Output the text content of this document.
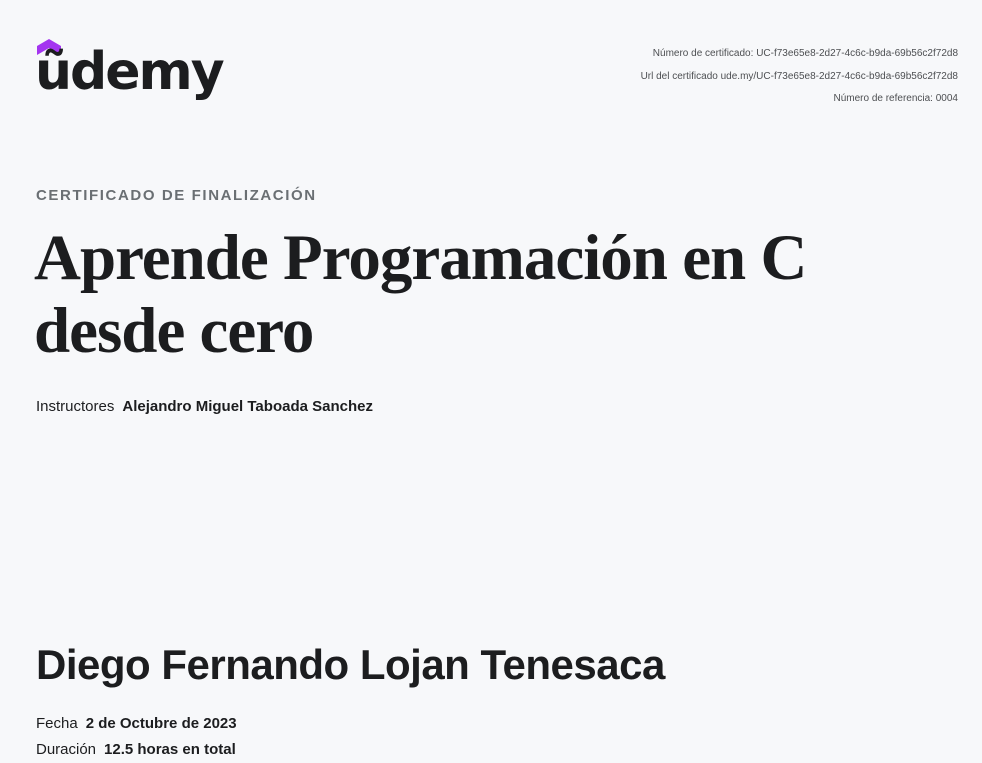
ũdemy	Número de certificado: UC-f73e65e8-2d27-4c6c-b9da-69b56c2f72d8
Url del certificado ude.my/UC-f73e65e8-2d27-4c6c-b9da-69b56c2f72d8
Número de referencia: 0004
CERTIFICADO DE FINALIZACIÓN
Aprende Programación en C
desde cero
Instructores Alejandro Miguel Taboada Sanchez
Diego Fernando Lojan Tenesaca
Fecha 2 de Octubre de 2023
Duración 12.5 horas en total
